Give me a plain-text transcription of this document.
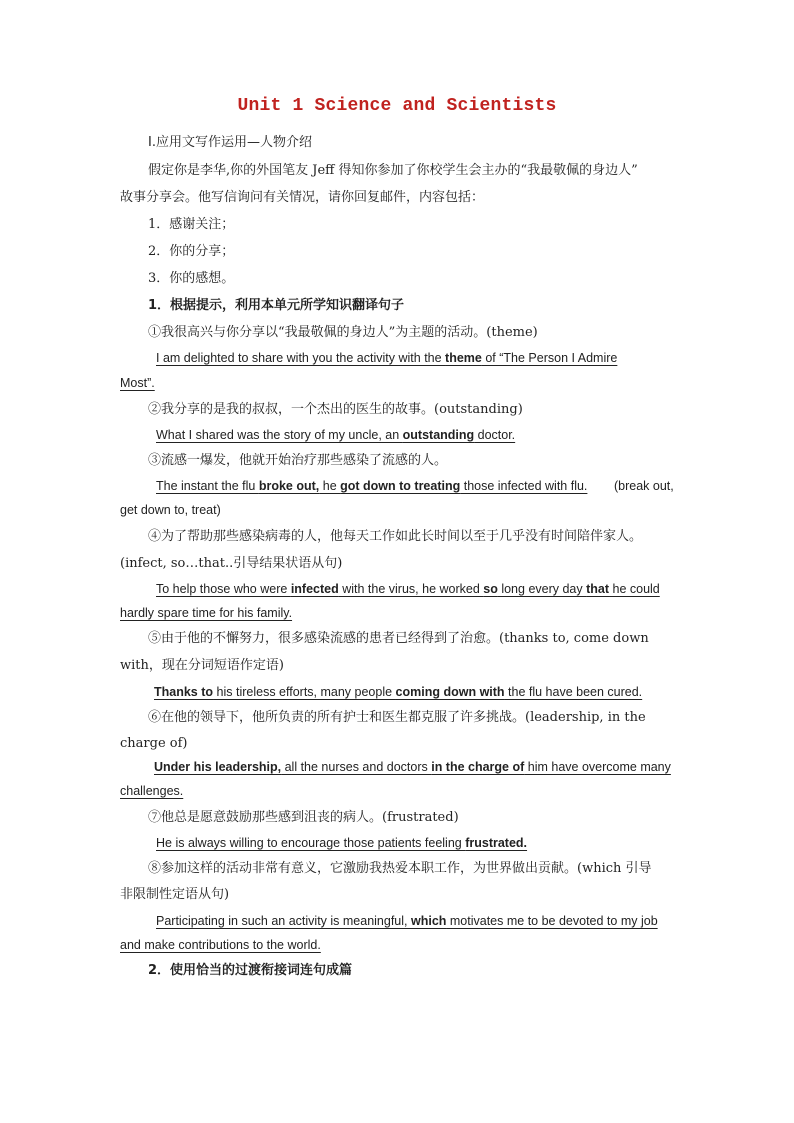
Unit 1 Science and Scientists
Ⅰ.应用文写作运用—人物介绍
假定你是李华,你的外国笔友 Jeff 得知你参加了你校学生会主办的“我最敬佩的身边人”
故事分享会。他写信询问有关情况，请你回复邮件，内容包括：
1．感谢关注；
2．你的分享；
3．你的感想。
1．根据提示，利用本单元所学知识翻译句子
①我很高兴与你分享以“我最敬佩的身边人”为主题的活动。(theme)
I am delighted to share with you the activity with the theme of “The Person I Admire
Most”.
②我分享的是我的叔叔，一个杰出的医生的故事。(outstanding)
What I shared was the story of my uncle, an outstanding doctor.
③流感一爆发，他就开始治疗那些感染了流感的人。
The instant the flu broke out, he got down to treating those infected with flu.	(break out,
get down to, treat)
④为了帮助那些感染病毒的人，他每天工作如此长时间以至于几乎没有时间陪伴家人。
(infect, so…that..引导结果状语从句)
To help those who were infected with the virus, he worked so long every day that he could
hardly spare time for his family.
⑤由于他的不懈努力，很多感染流感的患者已经得到了治愈。(thanks to, come down
with，现在分词短语作定语)
Thanks to his tireless efforts, many people coming down with the flu have been cured.
⑥在他的领导下，他所负责的所有护士和医生都克服了许多挑战。(leadership, in the
charge of)
Under his leadership, all the nurses and doctors in the charge of him have overcome many
challenges.
⑦他总是愿意鼓励那些感到沮丧的病人。(frustrated)
He is always willing to encourage those patients feeling frustrated.
⑧参加这样的活动非常有意义，它激励我热爱本职工作，为世界做出贡献。(which 引导
非限制性定语从句)
Participating in such an activity is meaningful, which motivates me to be devoted to my job
and make contributions to the world.
2．使用恰当的过渡衔接词连句成篇
